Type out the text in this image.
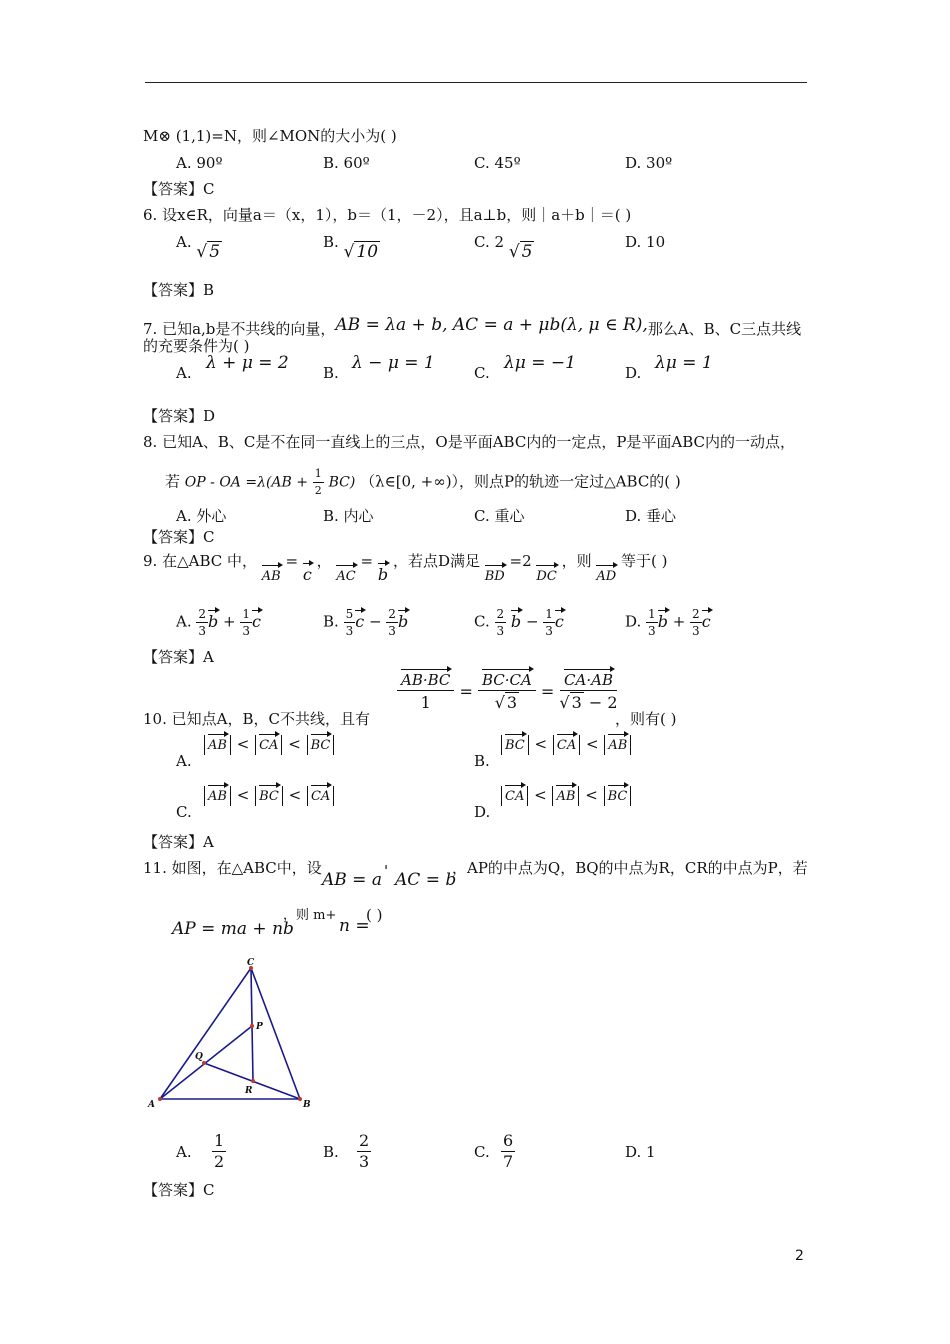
M⊗ (1,1)=N，则∠MON的大小为( )
A. 90º	B. 60º	C. 45º	D. 30º
【答案】C
6. 设x∈R，向量a＝（x，1），b＝（1，－2），且a⊥b，则｜a＋b｜＝( )
A. √ 5	B. √ 10	C. 2 √ 5	D. 10
【答案】B
7. 已知a,b是不共线的向量，AB = λa + b, AC = a + μb(λ, μ ∈ R),那么A、B、C三点共线
的充要条件为( )
A. λ + μ = 2 B. λ − μ = 1	C. λμ = −1	D. λμ = 1
【答案】D
8. 已知A、B、C是不在同一直线上的三点，O是平面ABC内的一定点，P是平面ABC内的一动点，
若 OP - OA $=\lambda(AB + \frac{1}{2} BC)$ （λ∈[0, +∞)），则点P的轨迹一定过△ABC的( )
A. 外心	B. 内心	C. 重心	D. 垂心
【答案】C
9. 在△ABC 中， AB = c ， AC = b ，若点D满足 BD =2 DC ，则 AD 等于( )
A. $\frac{2}{3}$ $b + \frac{1}{3}$ c	B. $\frac{5}{3}$ $c - \frac{2}{3}$ b	C. $\frac{2}{3}$ $b - \frac{1}{3}$ c	D. $\frac{1}{3}$ $b + \frac{2}{3}$ c
【答案】A
10. 已知点A，B，C不共线，且有
$\frac{AB\cdot BC}{1} = \frac{BC\cdot CA}{√ 3} = \frac{CA\cdot AB}{√ 3 - 2}$
，则有( )
A.
AB < CA < BC
B.
BC < CA < AB
C.
AB < BC < CA
D.
CA < AB < BC
【答案】A
11. 如图，在△ABC中，设
AB = a ' AC = b
，AP的中点为Q，BQ的中点为R，CR的中点为P，若
AP = ma + nb
，则 m+
n =
( )
C
P
Q
R
A	B
A. $\frac{1}{2}$	B. $\frac{2}{3}$	C. $\frac{6}{7}$	D. 1
【答案】C
2
